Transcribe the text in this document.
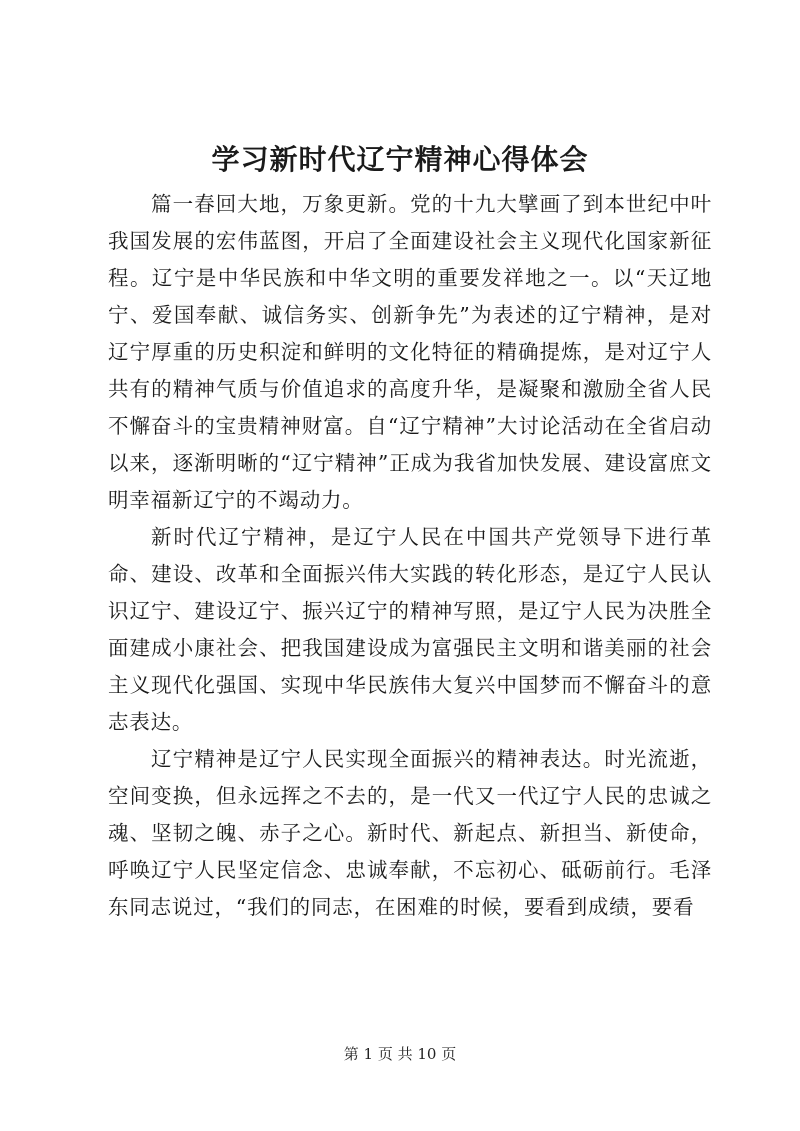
学习新时代辽宁精神心得体会

篇一春回大地，万象更新。党的十九大擘画了到本世纪中叶我国发展的宏伟蓝图，开启了全面建设社会主义现代化国家新征程。辽宁是中华民族和中华文明的重要发祥地之一。以“天辽地宁、爱国奉献、诚信务实、创新争先”为表述的辽宁精神，是对辽宁厚重的历史积淀和鲜明的文化特征的精确提炼，是对辽宁人共有的精神气质与价值追求的高度升华，是凝聚和激励全省人民不懈奋斗的宝贵精神财富。自“辽宁精神”大讨论活动在全省启动以来，逐渐明晰的“辽宁精神”正成为我省加快发展、建设富庶文明幸福新辽宁的不竭动力。

新时代辽宁精神，是辽宁人民在中国共产党领导下进行革命、建设、改革和全面振兴伟大实践的转化形态，是辽宁人民认识辽宁、建设辽宁、振兴辽宁的精神写照，是辽宁人民为决胜全面建成小康社会、把我国建设成为富强民主文明和谐美丽的社会主义现代化强国、实现中华民族伟大复兴中国梦而不懈奋斗的意志表达。

辽宁精神是辽宁人民实现全面振兴的精神表达。时光流逝，空间变换，但永远挥之不去的，是一代又一代辽宁人民的忠诚之魂、坚韧之魄、赤子之心。新时代、新起点、新担当、新使命，呼唤辽宁人民坚定信念、忠诚奉献，不忘初心、砥砺前行。毛泽东同志说过，“我们的同志，在困难的时候，要看到成绩，要看

第 1 页 共 10 页
